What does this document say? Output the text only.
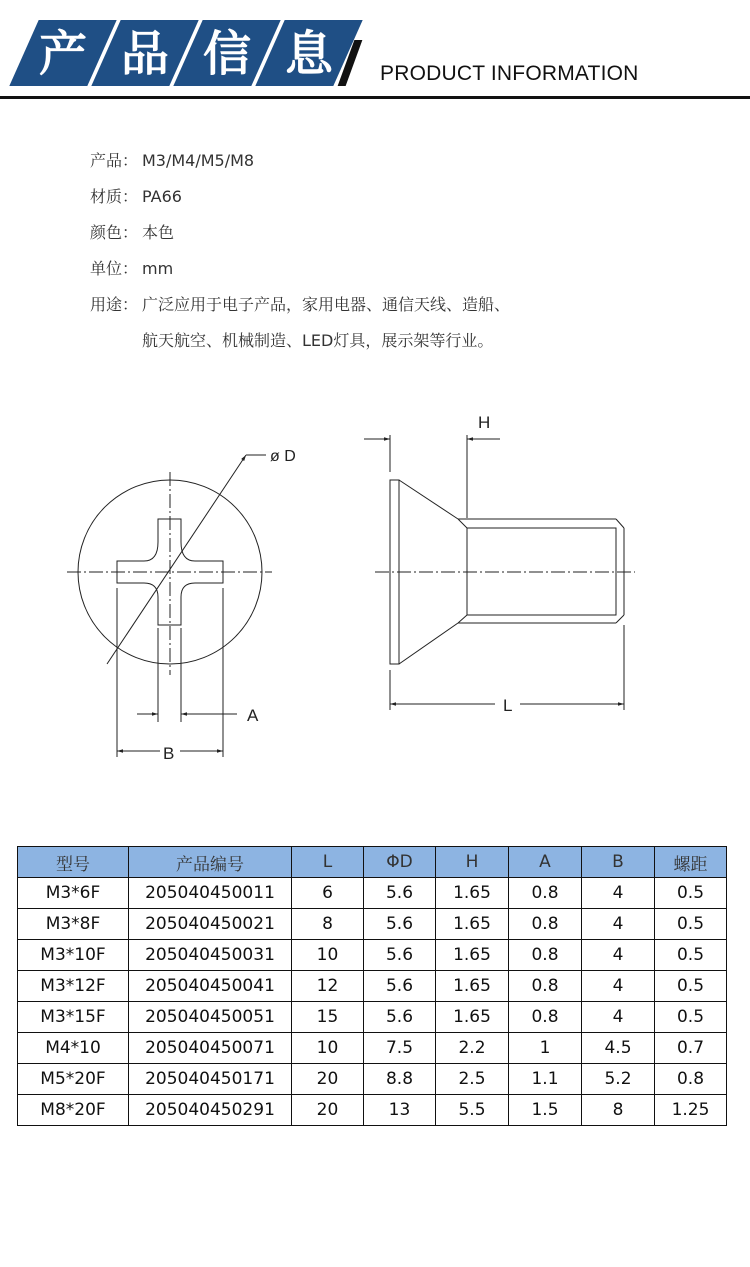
产 品 信 息	PRODUCT INFORMATION
产品： M3/M4/M5/M8
材质： PA66
颜色： 本色
单位： mm
用途： 广泛应用于电子产品，家用电器、通信天线、造船、
航天航空、机械制造、LED灯具，展示架等行业。
ø D
A
B
H
L
型号	产品编号	L	ΦD	H	A	B	螺距
M3*6F	205040450011	6	5.6	1.65	0.8	4	0.5
M3*8F	205040450021	8	5.6	1.65	0.8	4	0.5
M3*10F	205040450031	10	5.6	1.65	0.8	4	0.5
M3*12F	205040450041	12	5.6	1.65	0.8	4	0.5
M3*15F	205040450051	15	5.6	1.65	0.8	4	0.5
M4*10	205040450071	10	7.5	2.2	1	4.5	0.7
M5*20F	205040450171	20	8.8	2.5	1.1	5.2	0.8
M8*20F	205040450291	20	13	5.5	1.5	8	1.25
